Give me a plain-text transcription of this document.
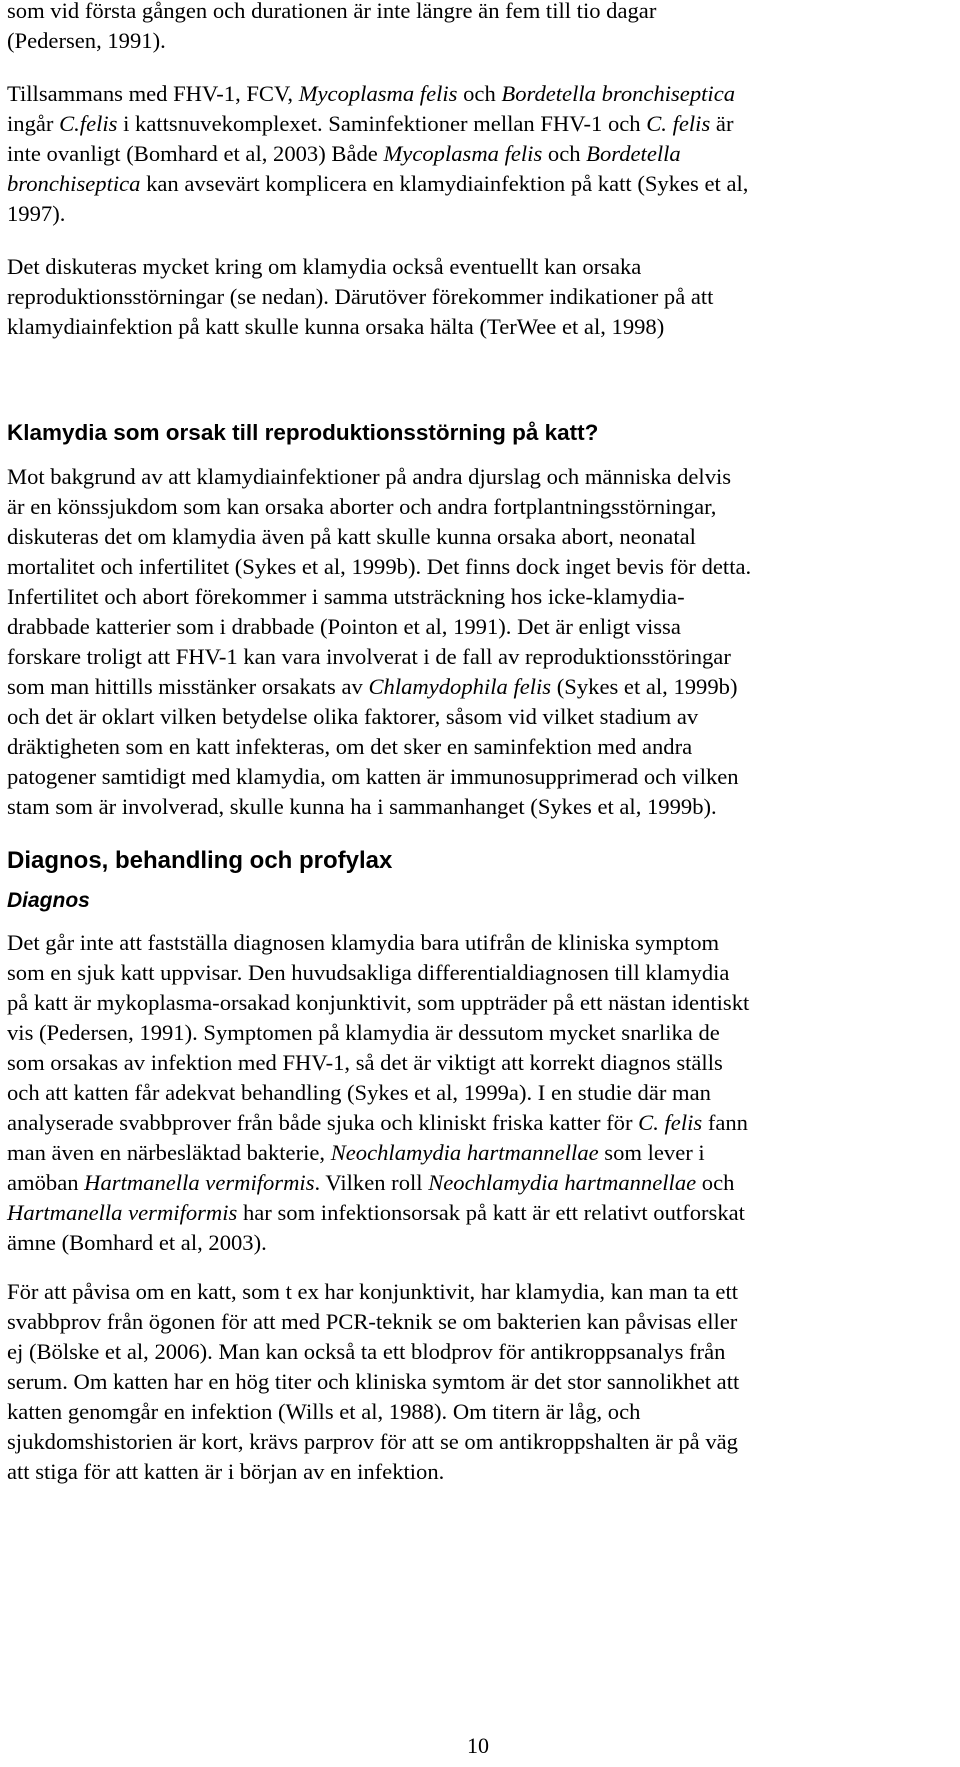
som vid första gången och durationen är inte längre än fem till tio dagar
(Pedersen, 1991).
Tillsammans med FHV-1, FCV, Mycoplasma felis och Bordetella bronchiseptica
ingår C.felis i kattsnuvekomplexet. Saminfektioner mellan FHV-1 och C. felis är
inte ovanligt (Bomhard et al, 2003) Både Mycoplasma felis och Bordetella
bronchiseptica kan avsevärt komplicera en klamydiainfektion på katt (Sykes et al,
1997).
Det diskuteras mycket kring om klamydia också eventuellt kan orsaka
reproduktionsstörningar (se nedan). Därutöver förekommer indikationer på att
klamydiainfektion på katt skulle kunna orsaka hälta (TerWee et al, 1998)
Klamydia som orsak till reproduktionsstörning på katt?
Mot bakgrund av att klamydiainfektioner på andra djurslag och människa delvis
är en könssjukdom som kan orsaka aborter och andra fortplantningsstörningar,
diskuteras det om klamydia även på katt skulle kunna orsaka abort, neonatal
mortalitet och infertilitet (Sykes et al, 1999b). Det finns dock inget bevis för detta.
Infertilitet och abort förekommer i samma utsträckning hos icke-klamydia-
drabbade katterier som i drabbade (Pointon et al, 1991). Det är enligt vissa
forskare troligt att FHV-1 kan vara involverat i de fall av reproduktionsstöringar
som man hittills misstänker orsakats av Chlamydophila felis (Sykes et al, 1999b)
och det är oklart vilken betydelse olika faktorer, såsom vid vilket stadium av
dräktigheten som en katt infekteras, om det sker en saminfektion med andra
patogener samtidigt med klamydia, om katten är immunosupprimerad och vilken
stam som är involverad, skulle kunna ha i sammanhanget (Sykes et al, 1999b).
Diagnos, behandling och profylax
Diagnos
Det går inte att fastställa diagnosen klamydia bara utifrån de kliniska symptom
som en sjuk katt uppvisar. Den huvudsakliga differentialdiagnosen till klamydia
på katt är mykoplasma-orsakad konjunktivit, som uppträder på ett nästan identiskt
vis (Pedersen, 1991). Symptomen på klamydia är dessutom mycket snarlika de
som orsakas av infektion med FHV-1, så det är viktigt att korrekt diagnos ställs
och att katten får adekvat behandling (Sykes et al, 1999a). I en studie där man
analyserade svabbprover från både sjuka och kliniskt friska katter för C. felis fann
man även en närbesläktad bakterie, Neochlamydia hartmannellae som lever i
amöban Hartmanella vermiformis. Vilken roll Neochlamydia hartmannellae och
Hartmanella vermiformis har som infektionsorsak på katt är ett relativt outforskat
ämne (Bomhard et al, 2003).
För att påvisa om en katt, som t ex har konjunktivit, har klamydia, kan man ta ett
svabbprov från ögonen för att med PCR-teknik se om bakterien kan påvisas eller
ej (Bölske et al, 2006). Man kan också ta ett blodprov för antikroppsanalys från
serum. Om katten har en hög titer och kliniska symtom är det stor sannolikhet att
katten genomgår en infektion (Wills et al, 1988). Om titern är låg, och
sjukdomshistorien är kort, krävs parprov för att se om antikroppshalten är på väg
att stiga för att katten är i början av en infektion.
10
